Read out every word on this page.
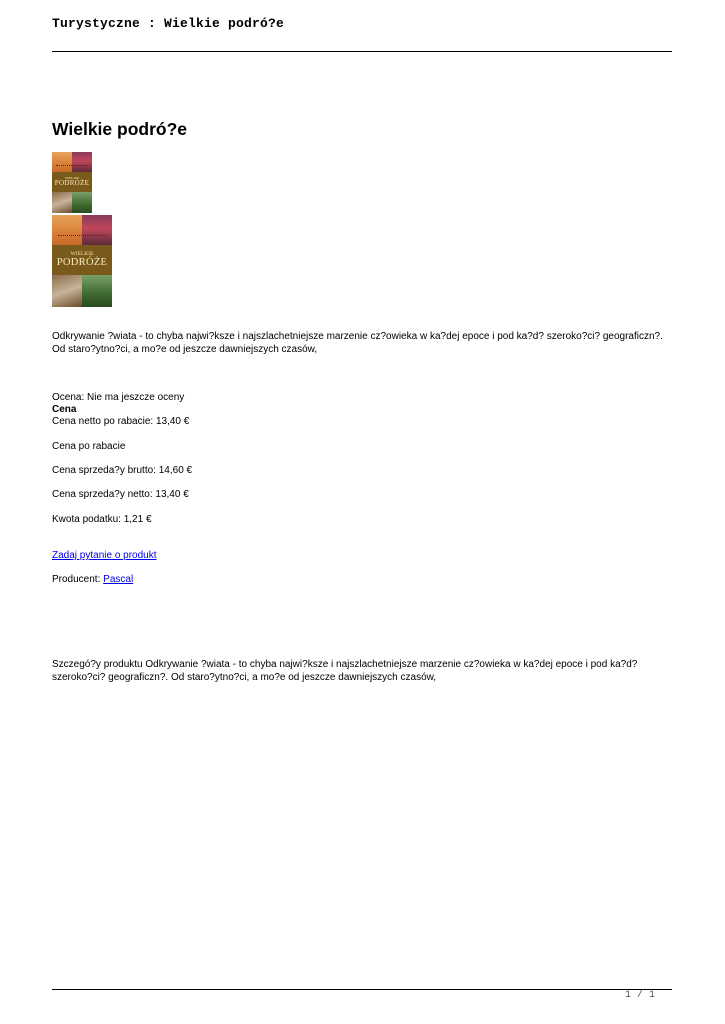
Turystyczne : Wielkie podró?e
Wielkie podró?e
WIELKIE
PODRÓŻE
WIELKIE
PODRÓŻE
Odkrywanie ?wiata - to chyba najwi?ksze i najszlachetniejsze marzenie cz?owieka w ka?dej epoce i pod ka?d? szeroko?ci? geograficzn?. Od staro?ytno?ci, a mo?e od jeszcze dawniejszych czasów,
Ocena: Nie ma jeszcze oceny
Cena
Cena netto po rabacie: 13,40 €
Cena po rabacie
Cena sprzeda?y brutto: 14,60 €
Cena sprzeda?y netto: 13,40 €
Kwota podatku: 1,21 €
Zadaj pytanie o produkt
Producent: Pascal
Szczegó?y produktu Odkrywanie ?wiata - to chyba najwi?ksze i najszlachetniejsze marzenie cz?owieka w ka?dej epoce i pod ka?d? szeroko?ci? geograficzn?. Od staro?ytno?ci, a mo?e od jeszcze dawniejszych czasów,
1 / 1
